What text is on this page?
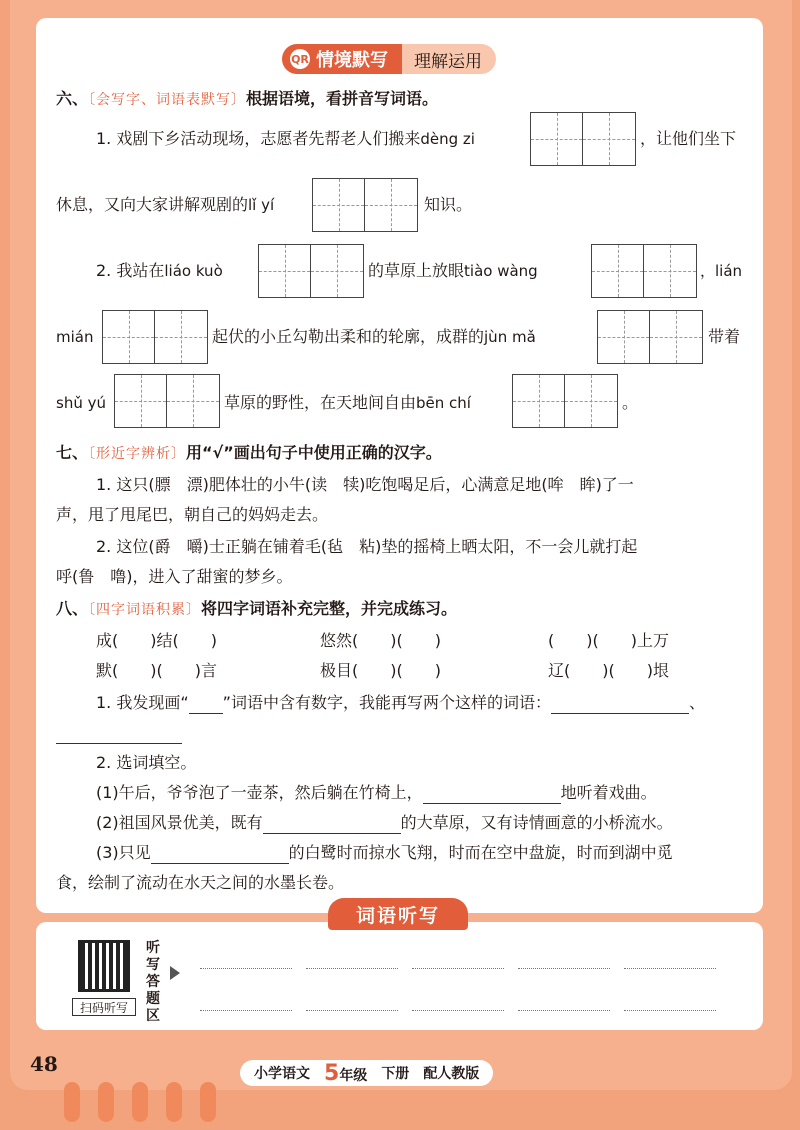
QR 情境默写	理解运用
六、〔会写字、词语表默写〕根据语境，看拼音写词语。
1. 戏剧下乡活动现场，志愿者先帮老人们搬来dèng zi	，让他们坐下
休息，又向大家讲解观剧的lǐ yí	知识。
2. 我站在liáo kuò	的草原上放眼tiào wàng	，lián
mián	起伏的小丘勾勒出柔和的轮廓，成群的jùn mǎ	带着
shǔ yú	草原的野性，在天地间自由bēn chí	。
七、〔形近字辨析〕用“√”画出句子中使用正确的汉字。
1. 这只(膘　漂)肥体壮的小牛(读　犊)吃饱喝足后，心满意足地(哞　眸)了一
声，甩了甩尾巴，朝自己的妈妈走去。
2. 这位(爵　嚼)士正躺在铺着毛(毡　粘)垫的摇椅上晒太阳，不一会儿就打起
呼(鲁　噜)，进入了甜蜜的梦乡。
八、〔四字词语积累〕将四字词语补充完整，并完成练习。
成(　　)结(　　)	悠然(　　)(　　)	(　　)(　　)上万
默(　　)(　　)言	极目(　　)(　　)	辽(　　)(　　)垠
1. 我发现画“ ”词语中含有数字，我能再写两个这样的词语：	、
2. 选词填空。
(1)午后，爷爷泡了一壶茶，然后躺在竹椅上，	地听着戏曲。
(2)祖国风景优美，既有	的大草原，又有诗情画意的小桥流水。
(3)只见	的白鹭时而掠水飞翔，时而在空中盘旋，时而到湖中觅
食，绘制了流动在水天之间的水墨长卷。
词语听写
扫码听写
听写答题区
48	小学语文 5年级 下册 配人教版
